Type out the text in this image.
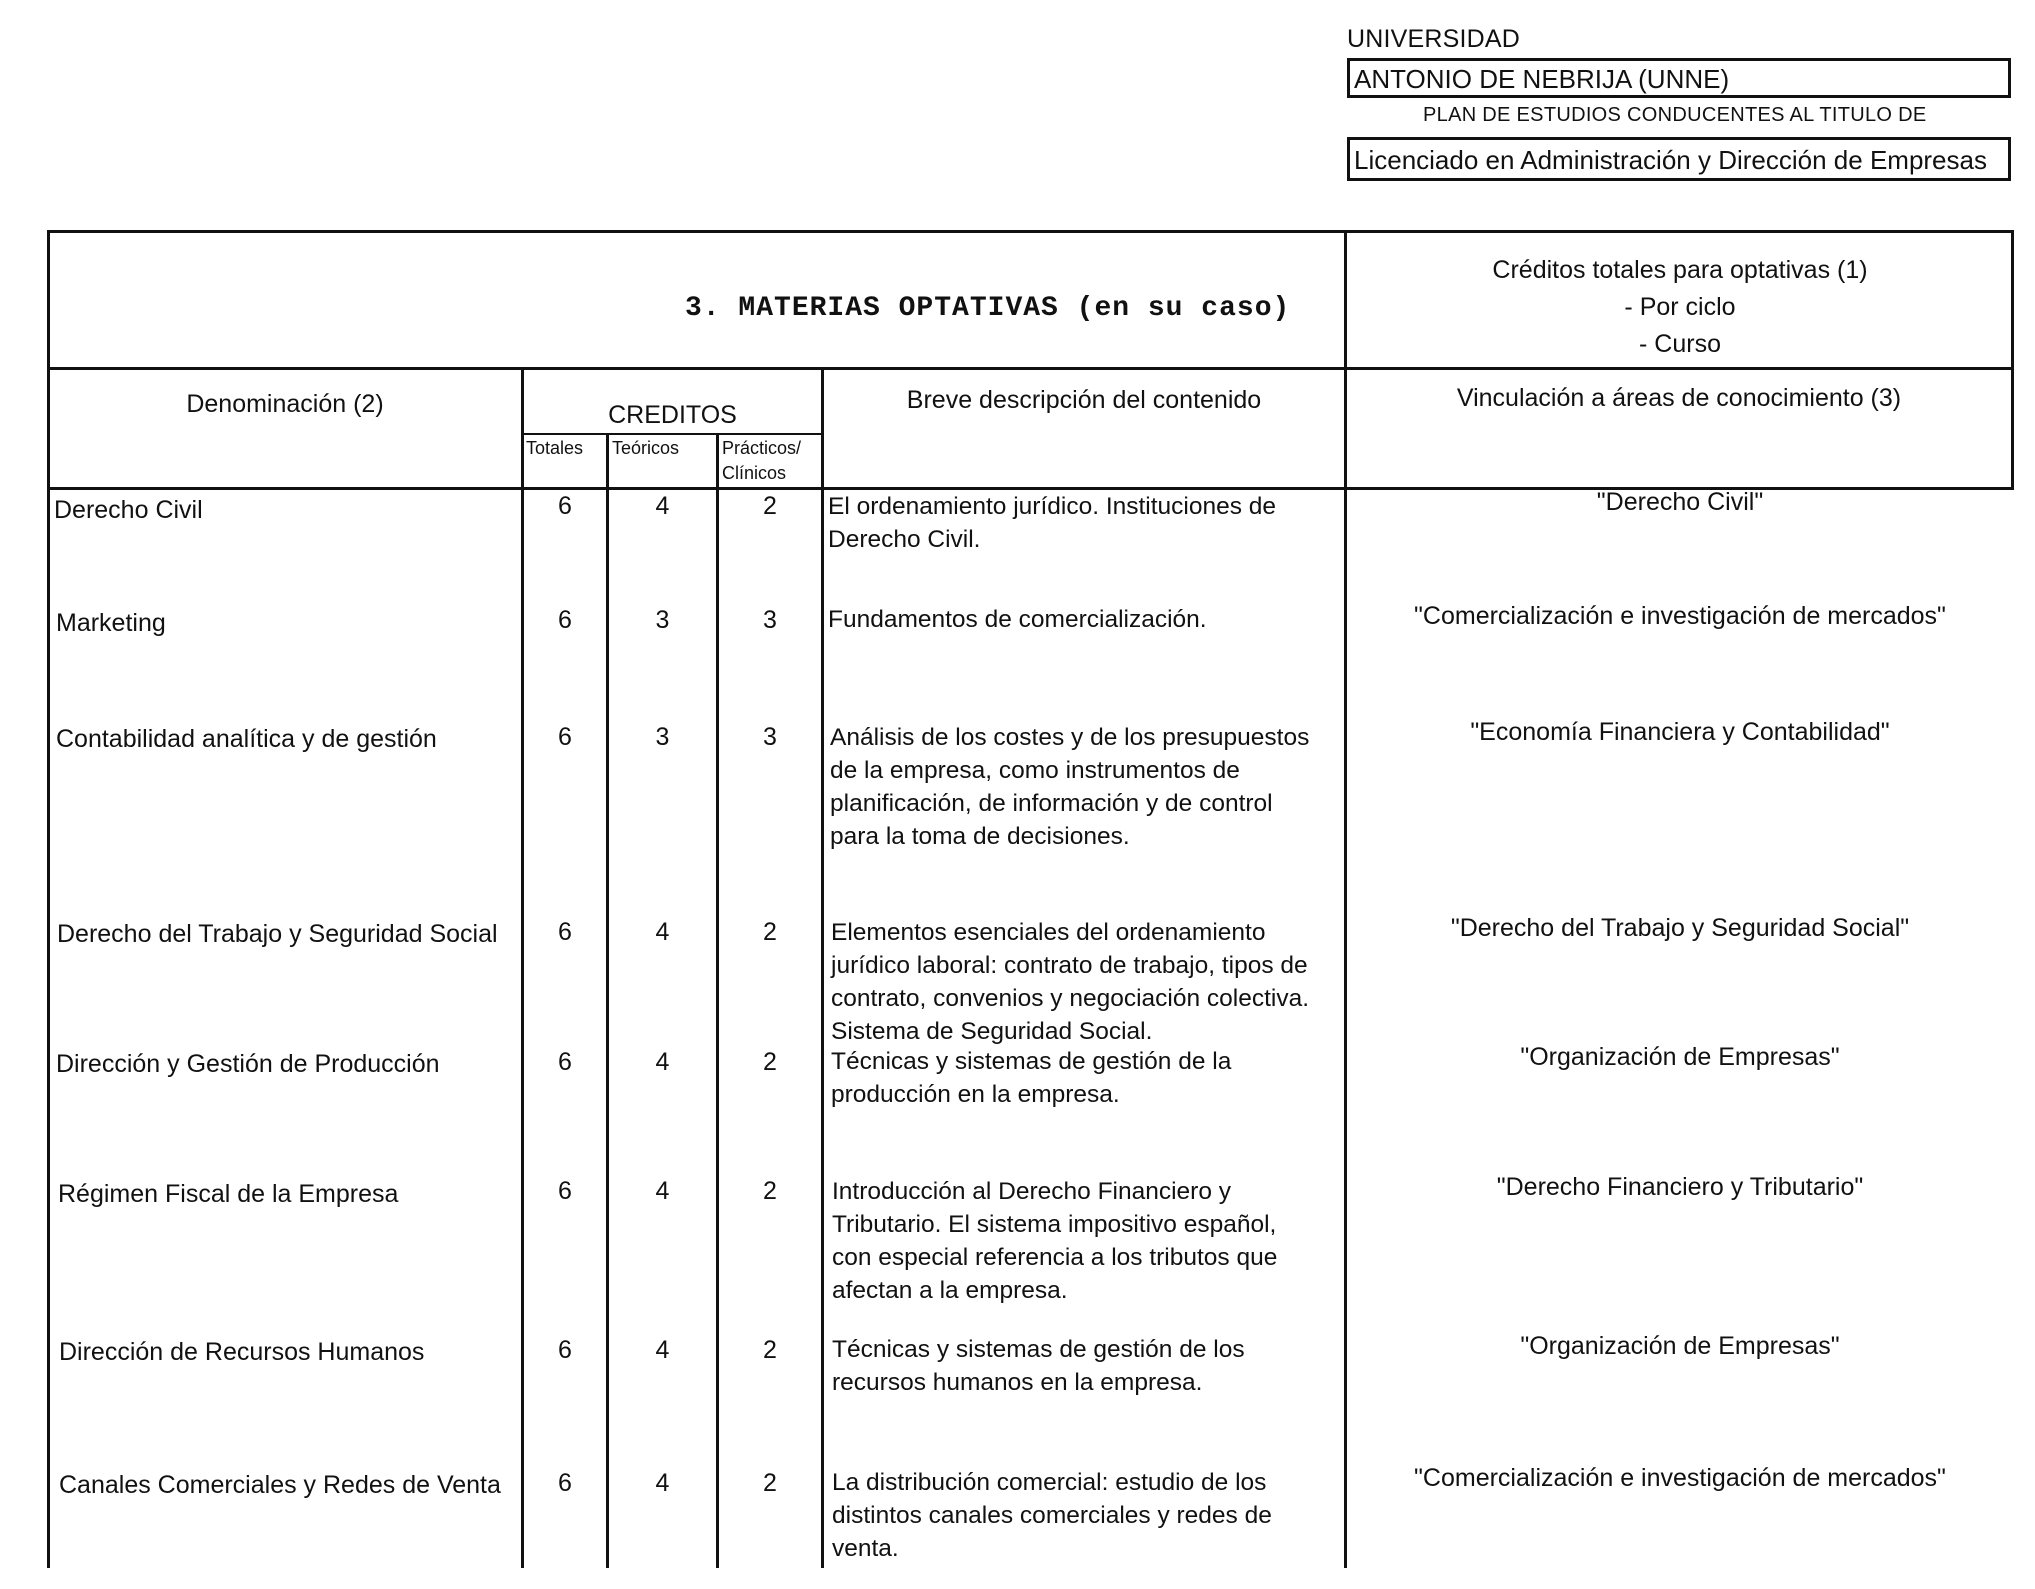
UNIVERSIDAD
ANTONIO DE NEBRIJA (UNNE)
PLAN DE ESTUDIOS CONDUCENTES AL TITULO DE
Licenciado en Administración y Dirección de Empresas
3. MATERIAS OPTATIVAS (en su caso)
Créditos totales para optativas (1)
- Por ciclo
- Curso
Denominación (2)	CREDITOS
Totales Teóricos Prácticos/
Clínicos
Breve descripción del contenido	Vinculación a áreas de conocimiento (3)
Derecho Civil	6	4	2	El ordenamiento jurídico. Instituciones de
Derecho Civil.
"Derecho Civil"
Marketing	6	3	3	Fundamentos de comercialización.	"Comercialización e investigación de mercados"
Contabilidad analítica y de gestión	6	3	3	Análisis de los costes y de los presupuestos
de la empresa, como instrumentos de
planificación, de información y de control
para la toma de decisiones.
"Economía Financiera y Contabilidad"
Derecho del Trabajo y Seguridad Social	6	4	2	Elementos esenciales del ordenamiento
jurídico laboral: contrato de trabajo, tipos de
contrato, convenios y negociación colectiva.
Sistema de Seguridad Social.
"Derecho del Trabajo y Seguridad Social"
Dirección y Gestión de Producción	6	4	2	Técnicas y sistemas de gestión de la
producción en la empresa.
"Organización de Empresas"
Régimen Fiscal de la Empresa	6	4	2	Introducción al Derecho Financiero y
Tributario. El sistema impositivo español,
con especial referencia a los tributos que
afectan a la empresa.
"Derecho Financiero y Tributario"
Dirección de Recursos Humanos	6	4	2	Técnicas y sistemas de gestión de los
recursos humanos en la empresa.
"Organización de Empresas"
Canales Comerciales y Redes de Venta	6	4	2	La distribución comercial: estudio de los
distintos canales comerciales y redes de
venta.
"Comercialización e investigación de mercados"
